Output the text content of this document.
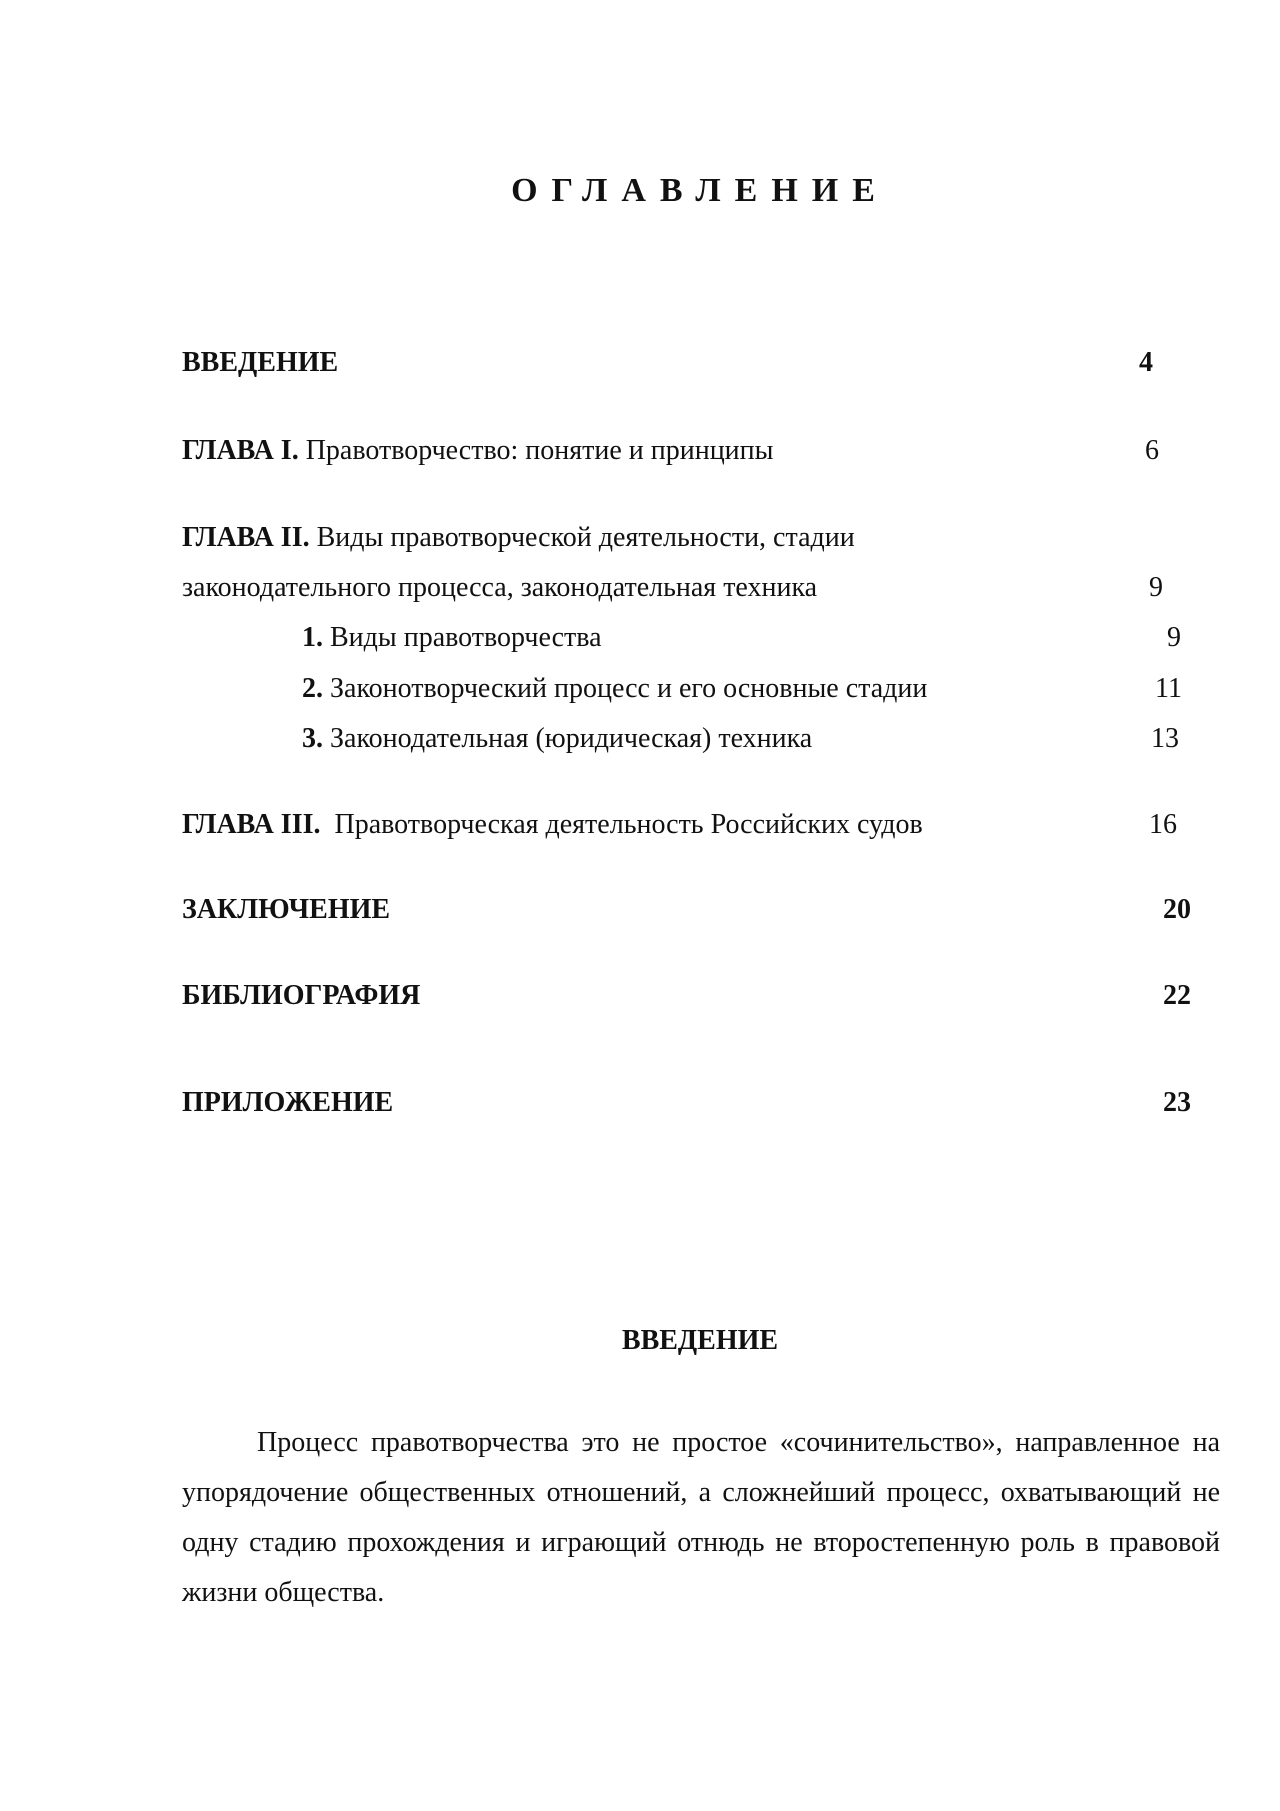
ОГЛАВЛЕНИЕ
ВВЕДЕНИЕ	4
ГЛАВА I. Правотворчество: понятие и принципы	6
ГЛАВА II. Виды правотворческой деятельности, стадии
законодательного процесса, законодательная техника	9
1. Виды правотворчества	9
2. Законотворческий процесс и его основные стадии	11
3. Законодательная (юридическая) техника	13
ГЛАВА III.  Правотворческая деятельность Российских судов	16
ЗАКЛЮЧЕНИЕ	20
БИБЛИОГРАФИЯ	22
ПРИЛОЖЕНИЕ	23
ВВЕДЕНИЕ

Процесс правотворчества это не простое «сочинительство», направленное на упорядочение общественных отношений, а сложнейший процесс, охватывающий не одну стадию прохождения и играющий отнюдь не второстепенную роль в правовой жизни общества.
